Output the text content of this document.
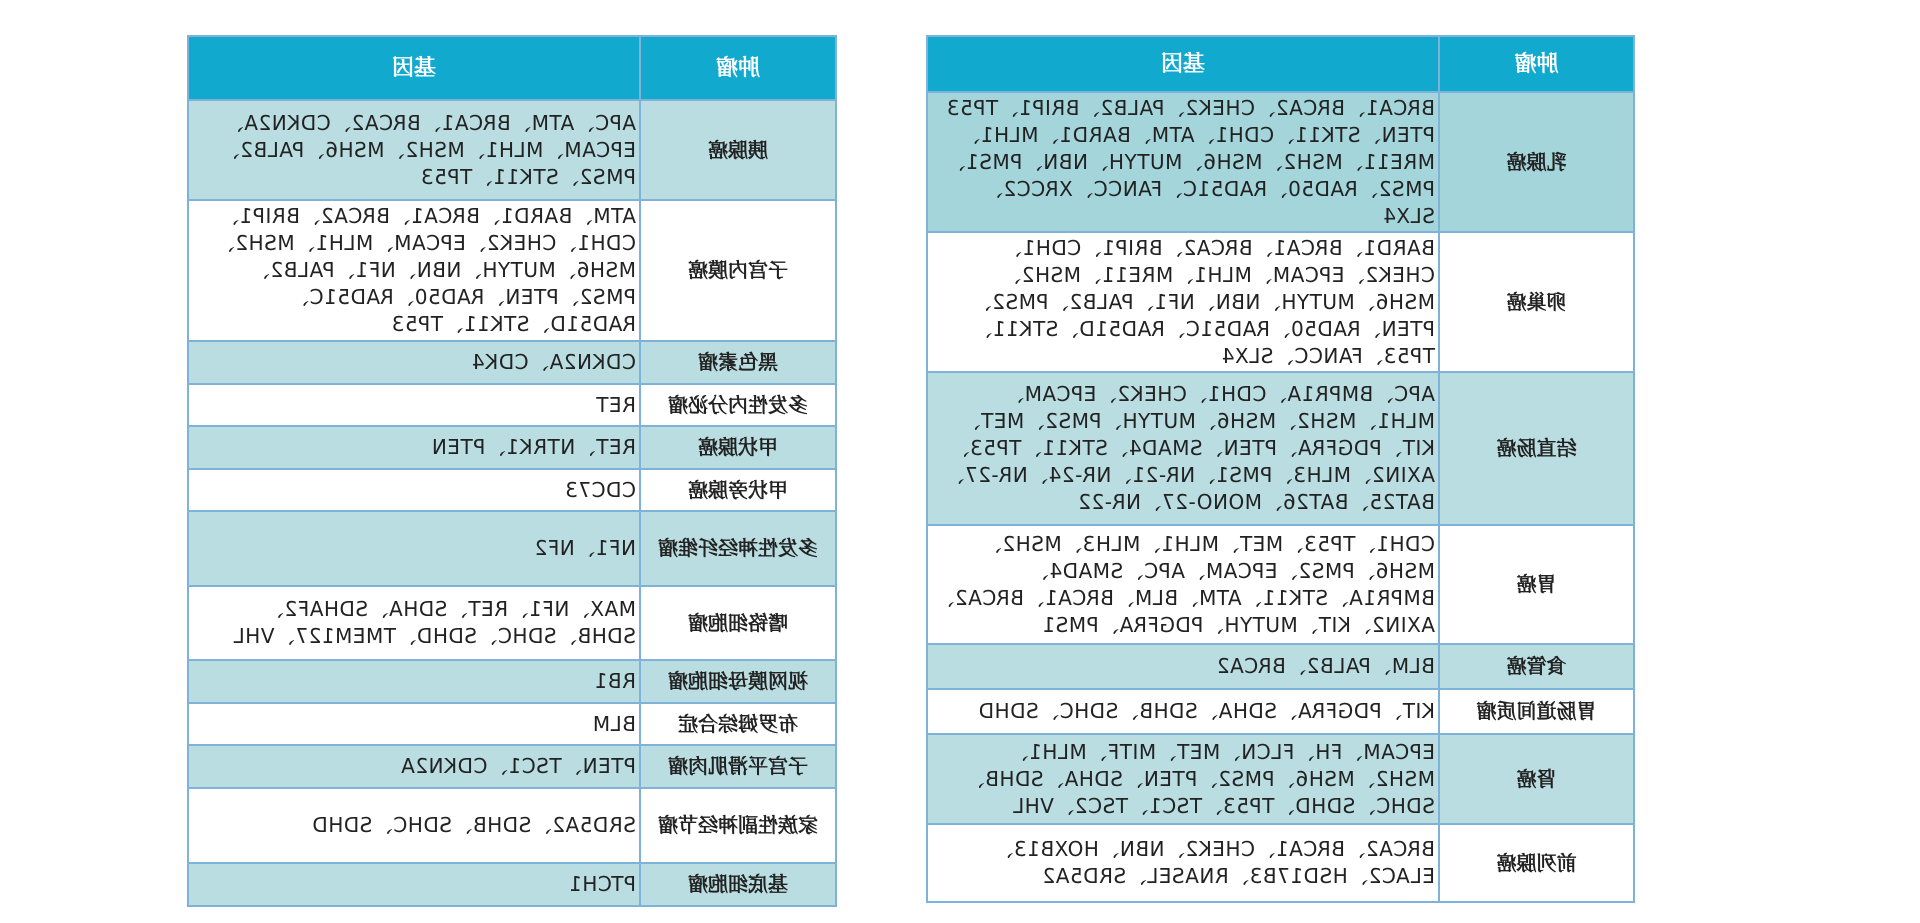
肿瘤	基因
乳腺癌	BRCA1、BRCA2、CHEK2、PALB2、BRIP1、TP53 PTEN、STK11、CDH1、ATM、BARD1、MLH1、MRE11、MSH2、MSH6、MUTYH、NBN、PMS1、PMS2、RAD50、RAD51C、FANCC、XRCC2、SLX4
卵巢癌	BARD1、BRCA1、BRCA2、BRIP1、CDH1、CHEK2、EPCAM、MLH1、MRE11、MSH2、MSH6、MUTYH、NBN、NF1、PALB2、PMS2、PTEN、RAD50、RAD51C、RAD51D、STK11、TP53、FANCC、SLX4
结直肠癌	APC、BMPR1A、CDH1、CHEK2、EPCAM、MLH1、MSH2、MSH6、MUTYH、PMS2、MET、KIT、PDGFRA、PTEN、SMAD4、STK11、TP53、AXIN2、MLH3、PMS1、NR-21、NR-24、NR-27、BAT25、BAT26、MONO-27、NR-22
胃癌	CDH1、TP53、MET、MLH1、MLH3、MSH2、MSH6、PMS2、EPCAM、APC、SMAD4、BMPR1A、STK11、ATM、BLM、BRCA1、BRCA2、AXIN2、KIT、MUTYH、PDGFRA、PMS1
食管癌	BLM、PALB2、BRCA2
胃肠道间质瘤	KIT、PDGFRA、SDHA、SDHB、SDHC、SDHD
肾癌	EPCAM、FH、FLCN、MET、MITF、MLH1、MSH2、MSH6、PMS2、PTEN、SDHA、SDHB、SDHC、SDHD、TP53、TSC1、TSC2、VHL
前列腺癌	BRCA2、BRCA1、CHEK2、NBN、HOXB13、ELAC2、HSD17B3、RNASEL、SRD5A2
肿瘤	基因
胰腺癌	APC、ATM、BRCA1、BRCA2、CDKN2A、EPCAM、MLH1、MSH2、MSH6、PALB2、PMS2、STK11、TP53
子宫内膜癌	ATM、BARD1、BRCA1、BRCA2、BRIP1、CDH1、CHEK2、EPCAM、MLH1、MSH2、MSH6、MUTYH、NBN、NF1、PALB2、PMS2、PTEN、RAD50、RAD51C、RAD51D、STK11、TP53
黑色素瘤	CDKN2A、CDK4
多发性内分泌瘤	RET
甲状腺癌	RET、NTRK1、PTEN
甲状旁腺癌	CDC73
多发性神经纤维瘤	NF1、NF2
嗜铬细胞瘤	MAX、NF1、RET、SDHA、SDHAF2、SDHB、SDHC、SDHD、TMEM127、VHL
视网膜母细胞瘤	RB1
布罗姆综合症	BLM
子宫平滑肌肉瘤	PTEN、TSC1、CDKN2A
家族性副神经节瘤	SRD5A2、SDHB、SDHC、SDHD
基底细胞瘤	PTCH1
